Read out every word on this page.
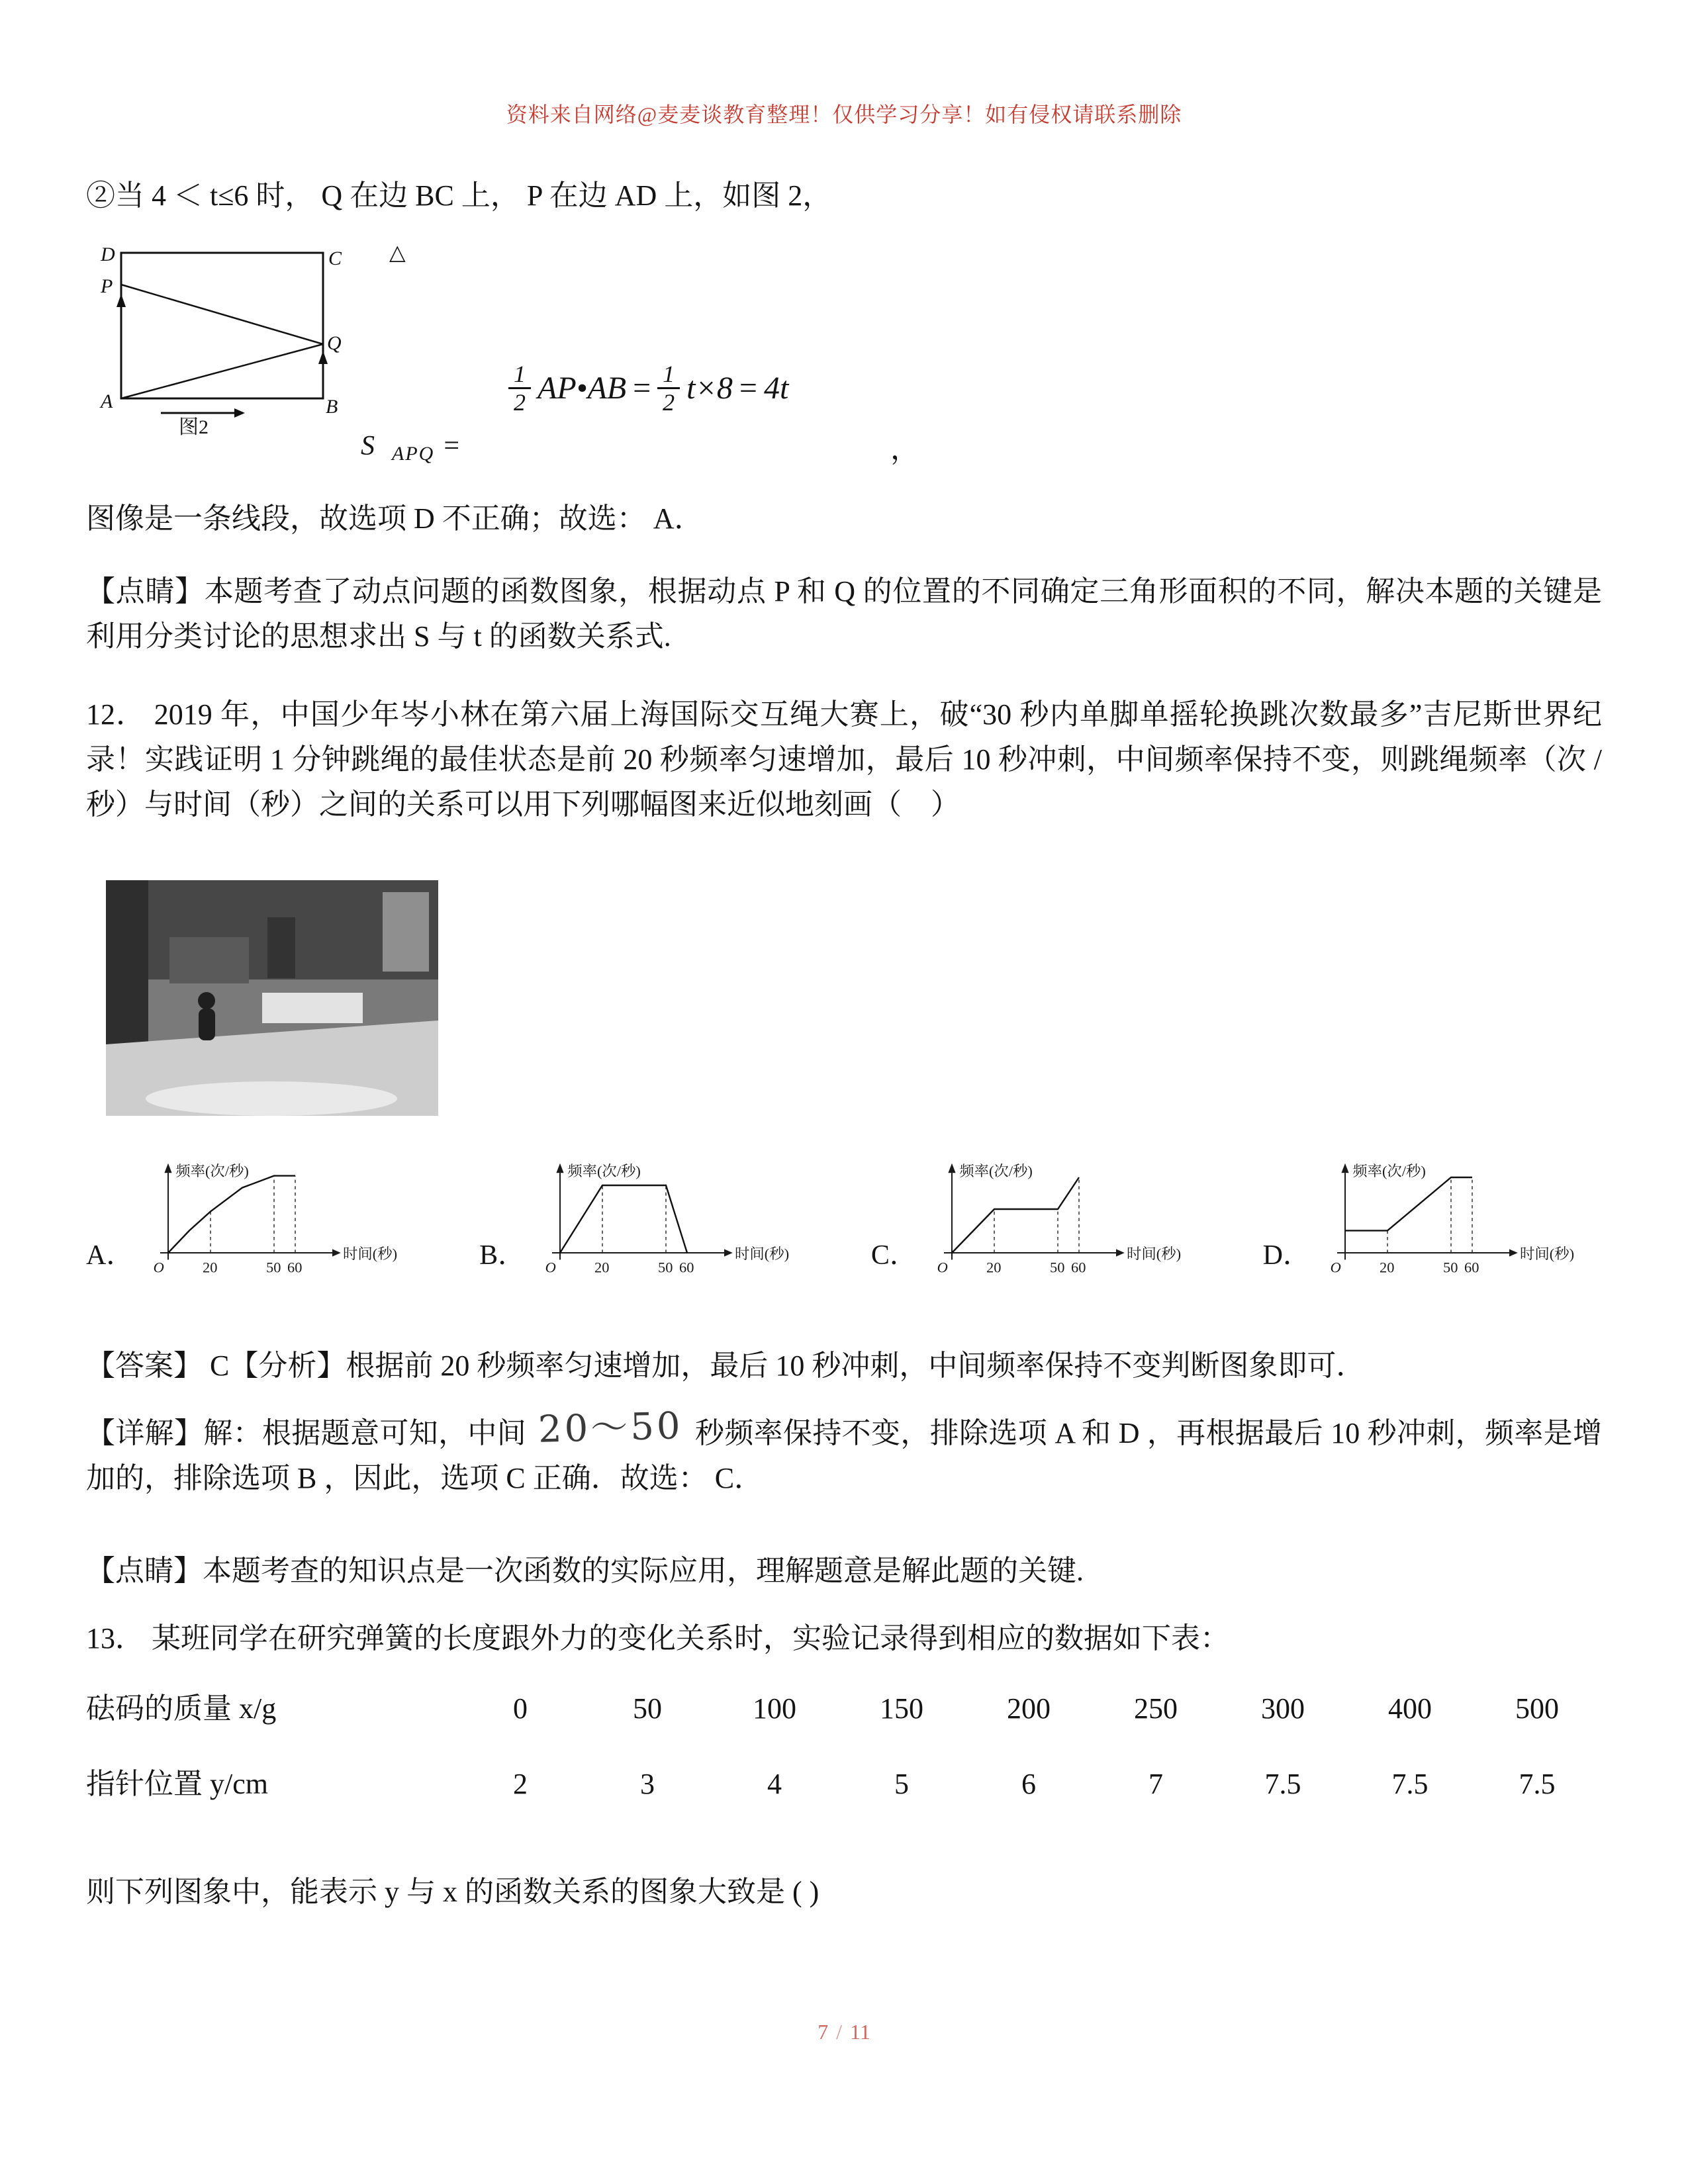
资料来自网络@麦麦谈教育整理！仅供学习分享！如有侵权请联系删除
②当 4 ＜ t≤6 时， Q 在边 BC 上， P 在边 AD 上，如图 2，
D	C
P
Q
A	B
图2
△
$\frac{1}{2}$ AP•AB = $\frac{1}{2} t\times 8 = 4t$
S APQ =	，
图像是一条线段，故选项 D 不正确；故选： A．
【点睛】本题考查了动点问题的函数图象，根据动点 P 和 Q 的位置的不同确定三角形面积的不同，解决本题的关键是利用分类讨论的思想求出 S 与 t 的函数关系式.
12． 2019 年，中国少年岑小林在第六届上海国际交互绳大赛上，破“30 秒内单脚单摇轮换跳次数最多”吉尼斯世界纪录！实践证明 1 分钟跳绳的最佳状态是前 20 秒频率匀速增加，最后 10 秒冲刺，中间频率保持不变，则跳绳频率（次 / 秒）与时间（秒）之间的关系可以用下列哪幅图来近似地刻画（　）
A．
频率(次/秒)
时间(秒)
O 20	50 60	B．
频率(次/秒)
时间(秒)
O 20	50 60	C．
频率(次/秒)
时间(秒)
O 20	50 60	D．
频率(次/秒)
时间(秒)
O 20	50 60
【答案】 C【分析】根据前 20 秒频率匀速增加，最后 10 秒冲刺，中间频率保持不变判断图象即可．
【详解】解：根据题意可知，中间 20～50 秒频率保持不变，排除选项 A 和 D ，再根据最后 10 秒冲刺，频率是增加的，排除选项 B ，因此，选项 C 正确．故选： C．
【点睛】本题考查的知识点是一次函数的实际应用，理解题意是解此题的关键.
13． 某班同学在研究弹簧的长度跟外力的变化关系时，实验记录得到相应的数据如下表：
砝码的质量 x/g	0	50	100	150	200	250	300	400	500
指针位置 y/cm	2	3	4	5	6	7	7.5	7.5	7.5
则下列图象中，能表示 y 与 x 的函数关系的图象大致是 ( )
7 / 11
